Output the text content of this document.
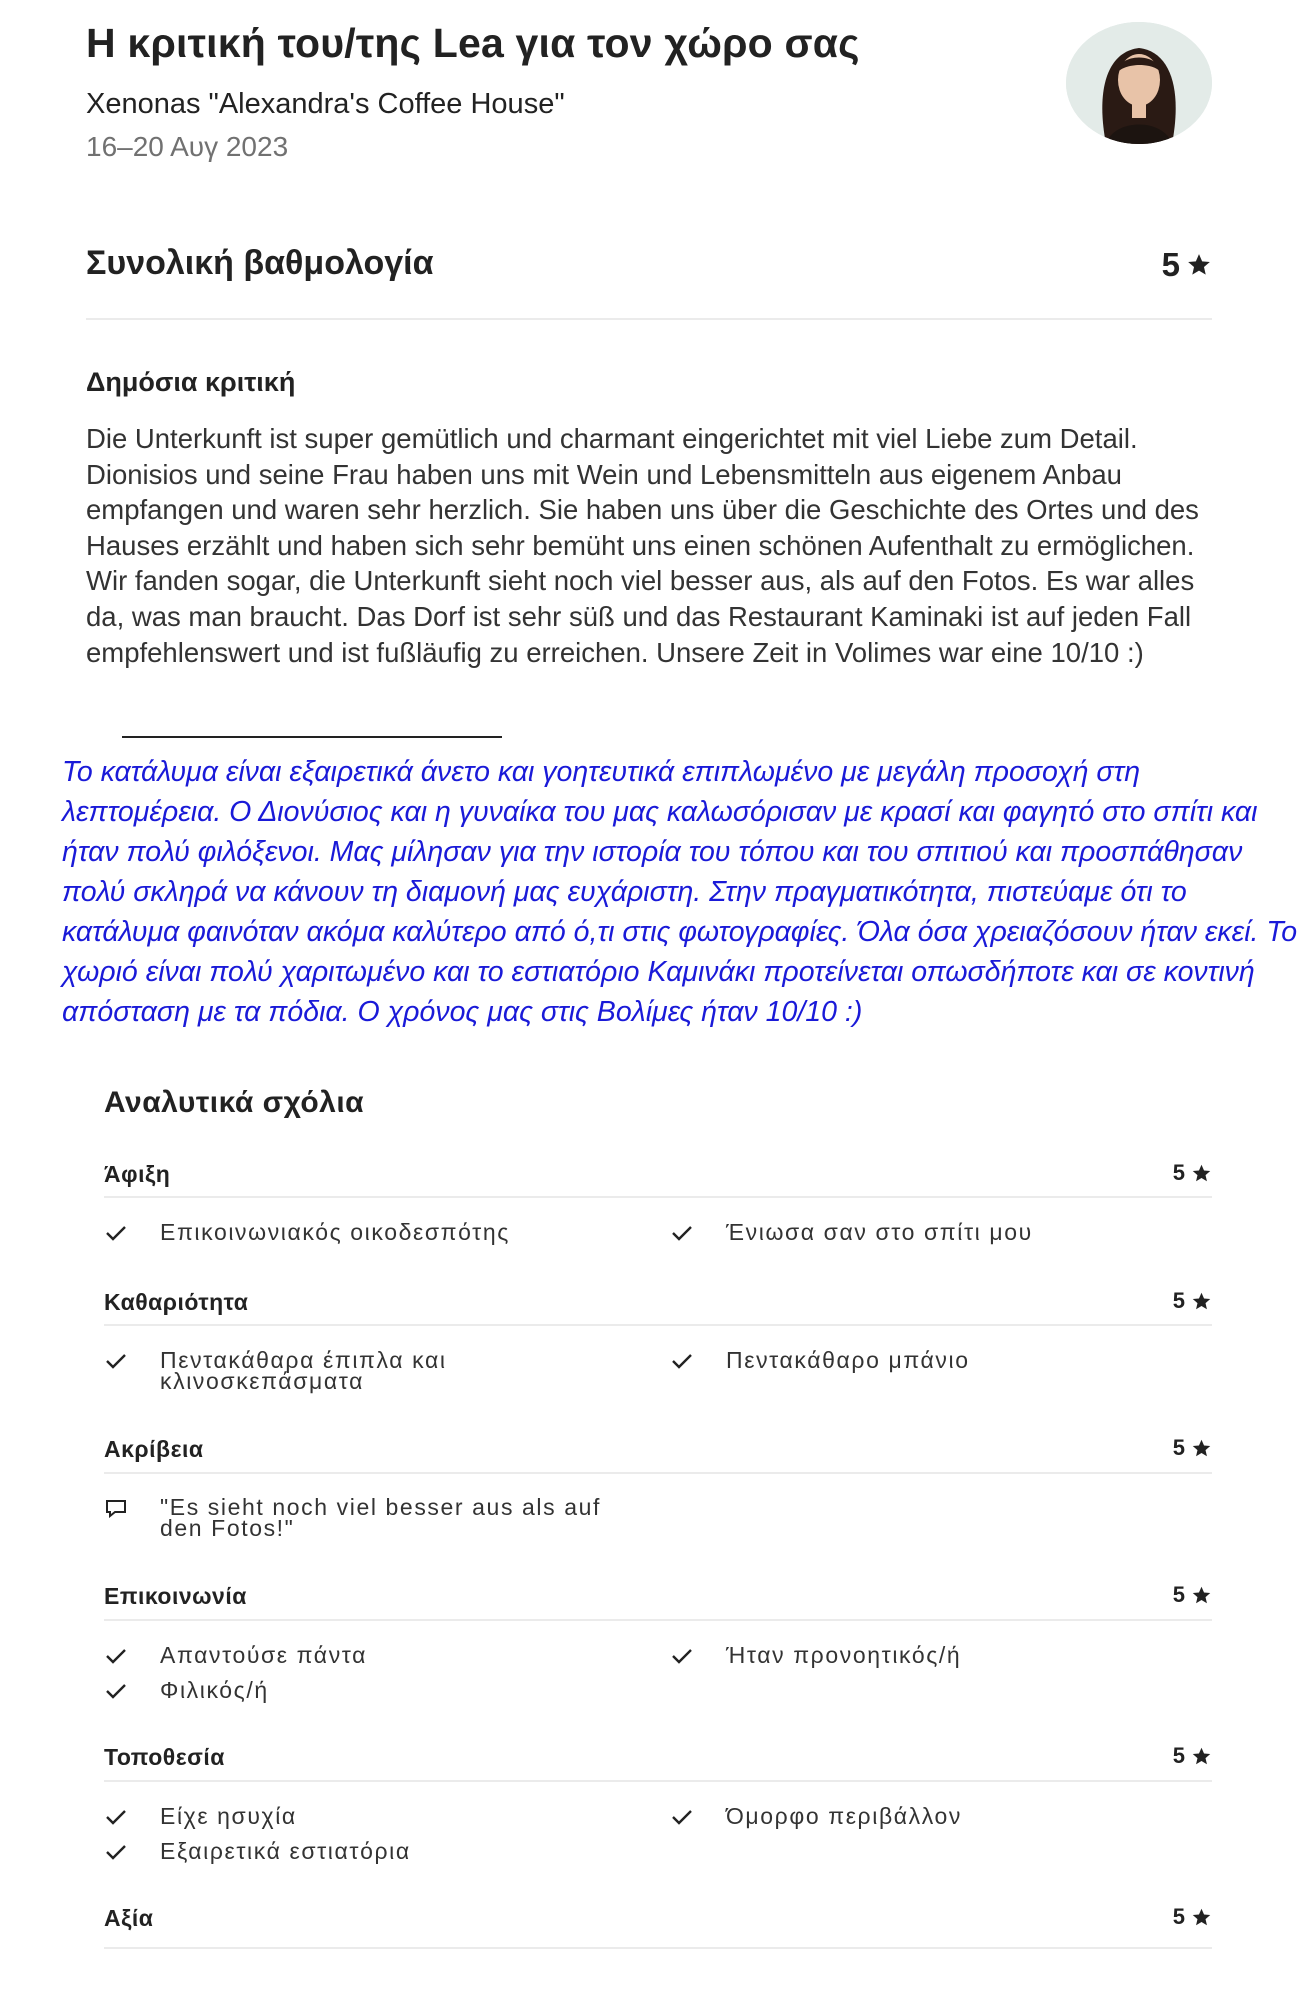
Η κριτική του/της Lea για τον χώρο σας
Xenonas "Alexandra's Coffee House"
16–20 Αυγ 2023
Συνολική βαθμολογία	5
Δημόσια κριτική
Die Unterkunft ist super gemütlich und charmant eingerichtet mit viel Liebe zum Detail. Dionisios und seine Frau haben uns mit Wein und Lebensmitteln aus eigenem Anbau empfangen und waren sehr herzlich. Sie haben uns über die Geschichte des Ortes und des Hauses erzählt und haben sich sehr bemüht uns einen schönen Aufenthalt zu ermöglichen. Wir fanden sogar, die Unterkunft sieht noch viel besser aus, als auf den Fotos. Es war alles da, was man braucht. Das Dorf ist sehr süß und das Restaurant Kaminaki ist auf jeden Fall empfehlenswert und ist fußläufig zu erreichen. Unsere Zeit in Volimes war eine 10/10 :)
Το κατάλυμα είναι εξαιρετικά άνετο και γοητευτικά επιπλωμένο με μεγάλη προσοχή στη λεπτομέρεια. Ο Διονύσιος και η γυναίκα του μας καλωσόρισαν με κρασί και φαγητό στο σπίτι και ήταν πολύ φιλόξενοι. Μας μίλησαν για την ιστορία του τόπου και του σπιτιού και προσπάθησαν πολύ σκληρά να κάνουν τη διαμονή μας ευχάριστη. Στην πραγματικότητα, πιστεύαμε ότι το κατάλυμα φαινόταν ακόμα καλύτερο από ό,τι στις φωτογραφίες. Όλα όσα χρειαζόσουν ήταν εκεί. Το χωριό είναι πολύ χαριτωμένο και το εστιατόριο Καμινάκι προτείνεται οπωσδήποτε και σε κοντινή απόσταση με τα πόδια. Ο χρόνος μας στις Βολίμες ήταν 10/10 :)
Αναλυτικά σχόλια
Άφιξη	5
Επικοινωνιακός οικοδεσπότης	Ένιωσα σαν στο σπίτι μου
Καθαριότητα	5
Πεντακάθαρα έπιπλα και κλινοσκεπάσματα
Πεντακάθαρο μπάνιο
Ακρίβεια	5
"Es sieht noch viel besser aus als auf den Fotos!"
Επικοινωνία	5
Απαντούσε πάντα	Ήταν προνοητικός/ή
Φιλικός/ή
Τοποθεσία	5
Είχε ησυχία	Όμορφο περιβάλλον
Εξαιρετικά εστιατόρια
Αξία	5
